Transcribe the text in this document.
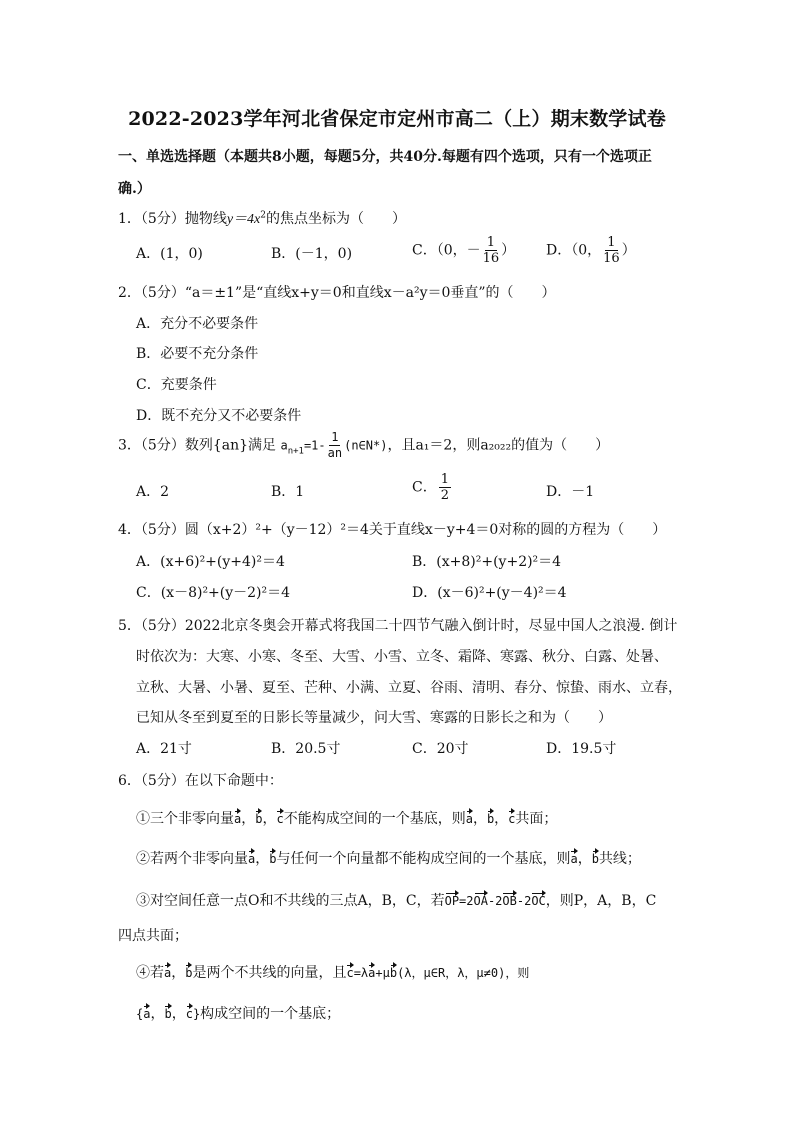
2022-2023学年河北省保定市定州市高二（上）期末数学试卷
一、单选选择题（本题共8小题，每题5分，共40分.每题有四个选项，只有一个选项正
确.）
1．（5分）抛物线$y=4x^2$的焦点坐标为（　　）
A．(1，0)	B．(－1，0)	C．（0，－ $\frac{1}{16}$ ） D．（0， $\frac{1}{16}$ ）
2．（5分）“a＝±1”是“直线x+y＝0和直线x－a²y＝0垂直”的（　　）
A．充分不必要条件
B．必要不充分条件
C．充要条件
D．既不充分又不必要条件
3．（5分）数列{an}满足 $a_{n+1}=1- \frac{1}{an}$ (n∈N*)，且a₁＝2，则a₂₀₂₂的值为（　　）
A．2	B．1	C． $\frac{1}{2}$	D．－1
4．（5分）圆（x+2）²+（y－12）²＝4关于直线x－y+4＝0对称的圆的方程为（　　）
A．(x+6)²+(y+4)²＝4	B．(x+8)²+(y+2)²＝4
C．(x－8)²+(y－2)²＝4	D．(x－6)²+(y－4)²＝4
5．（5分）2022北京冬奥会开幕式将我国二十四节气融入倒计时，尽显中国人之浪漫. 倒计
时依次为：大寒、小寒、冬至、大雪、小雪、立冬、霜降、寒露、秋分、白露、处暑、
立秋、大暑、小暑、夏至、芒种、小满、立夏、谷雨、清明、春分、惊蛰、雨水、立春，
已知从冬至到夏至的日影长等量减少，问大雪、寒露的日影长之和为（　　）
A．21寸	B．20.5寸	C．20寸	D．19.5寸
6．（5分）在以下命题中：
①三个非零向量a，b，c不能构成空间的一个基底，则a，b，c共面；
②若两个非零向量a，b与任何一个向量都不能构成空间的一个基底，则a，b共线；
③对空间任意一点O和不共线的三点A，B，C，若OP=2OA-2OB-2OC，则P，A，B，C
四点共面；
④若a，b是两个不共线的向量，且c=λa+μb(λ，μ∈R，λ，μ≠0)，则
{a，b，c}构成空间的一个基底；
